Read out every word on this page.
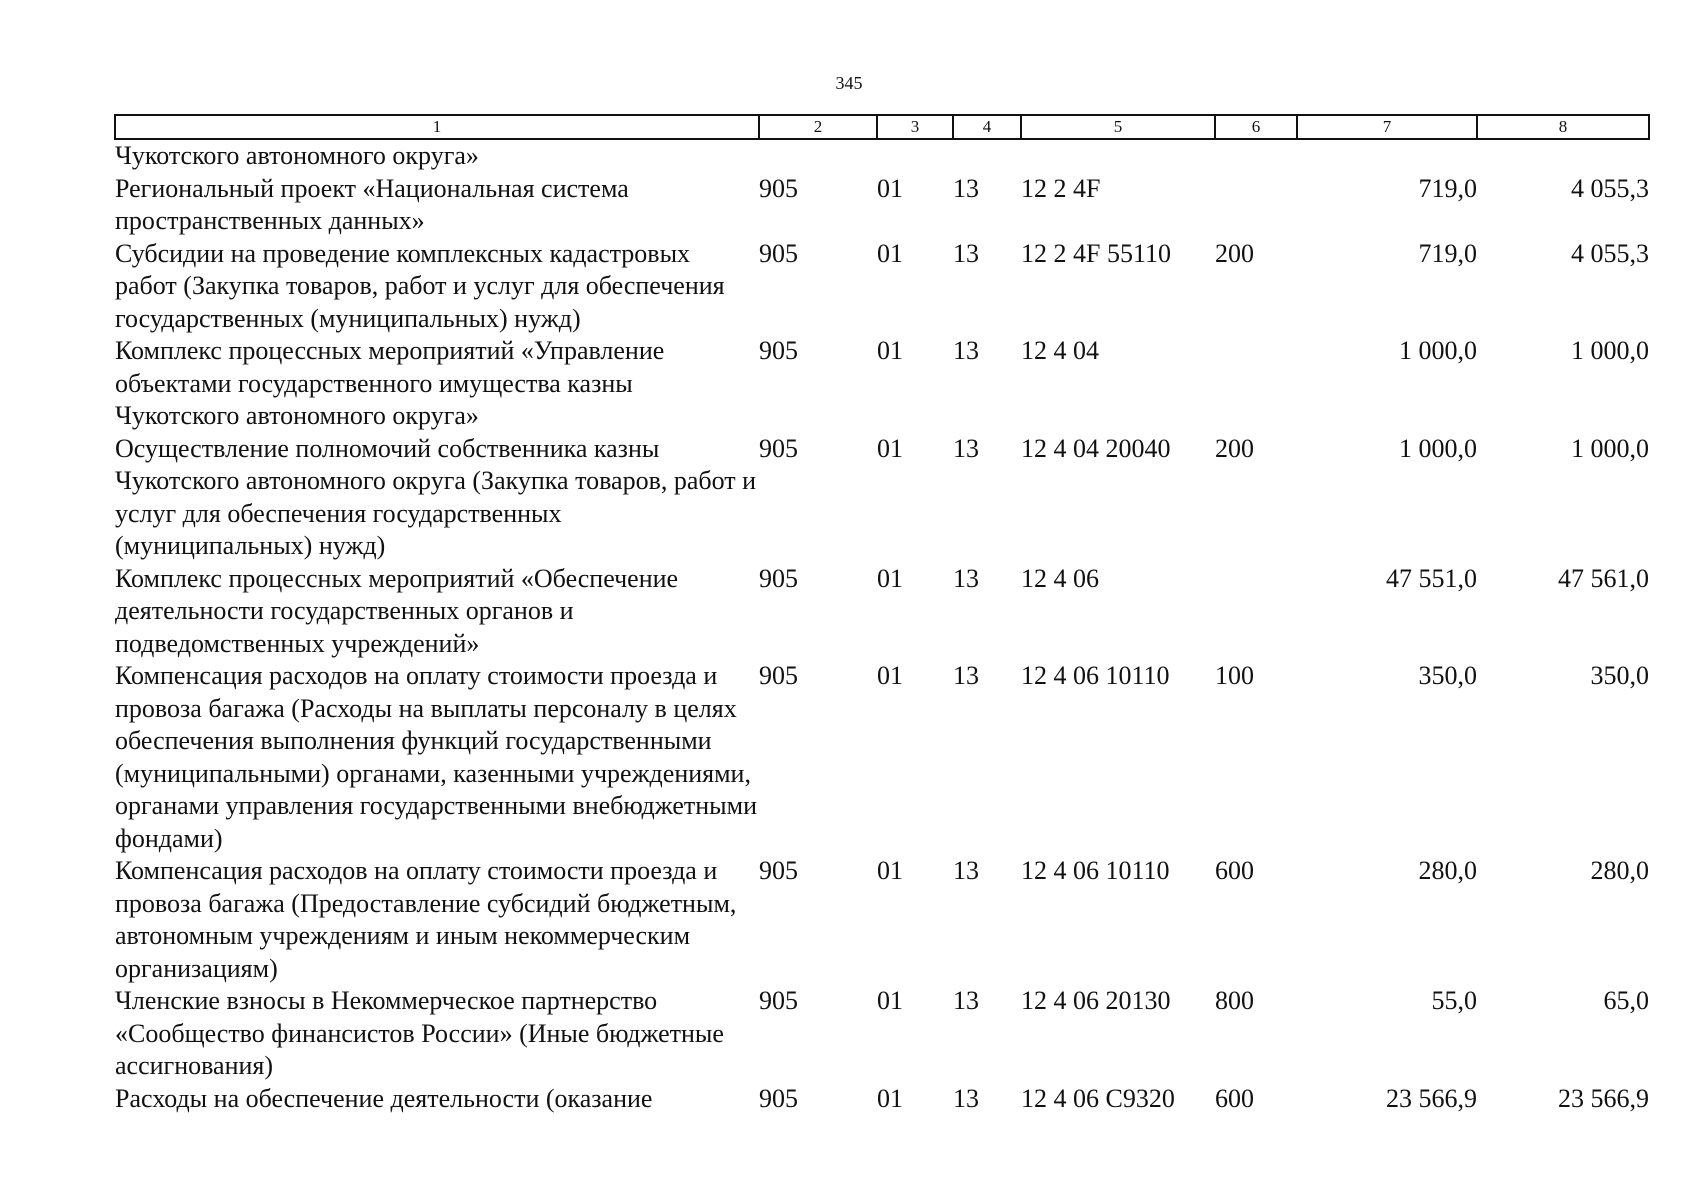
345
1	2	3	4	5	6	7	8
Чукотского автономного округа»							
Региональный проект «Национальная система пространственных данных»	905	01	13	12 2 4F		719,0	4 055,3
Субсидии на проведение комплексных кадастровых работ (Закупка товаров, работ и услуг для обеспечения государственных (муниципальных) нужд)	905	01	13	12 2 4F 55110	200	719,0	4 055,3
Комплекс процессных мероприятий «Управление объектами государственного имущества казны Чукотского автономного округа»	905	01	13	12 4 04		1 000,0	1 000,0
Осуществление полномочий собственника казны Чукотского автономного округа (Закупка товаров, работ и услуг для обеспечения государственных (муниципальных) нужд)	905	01	13	12 4 04 20040	200	1 000,0	1 000,0
Комплекс процессных мероприятий «Обеспечение деятельности государственных органов и подведомственных учреждений»	905	01	13	12 4 06		47 551,0	47 561,0
Компенсация расходов на оплату стоимости проезда и провоза багажа (Расходы на выплаты персоналу в целях обеспечения выполнения функций государственными (муниципальными) органами, казенными учреждениями, органами управления государственными внебюджетными фондами)	905	01	13	12 4 06 10110	100	350,0	350,0
Компенсация расходов на оплату стоимости проезда и провоза багажа (Предоставление субсидий бюджетным, автономным учреждениям и иным некоммерческим организациям)	905	01	13	12 4 06 10110	600	280,0	280,0
Членские взносы в Некоммерческое партнерство «Сообщество финансистов России» (Иные бюджетные ассигнования)	905	01	13	12 4 06 20130	800	55,0	65,0
Расходы на обеспечение деятельности (оказание	905	01	13	12 4 06 C9320	600	23 566,9	23 566,9
